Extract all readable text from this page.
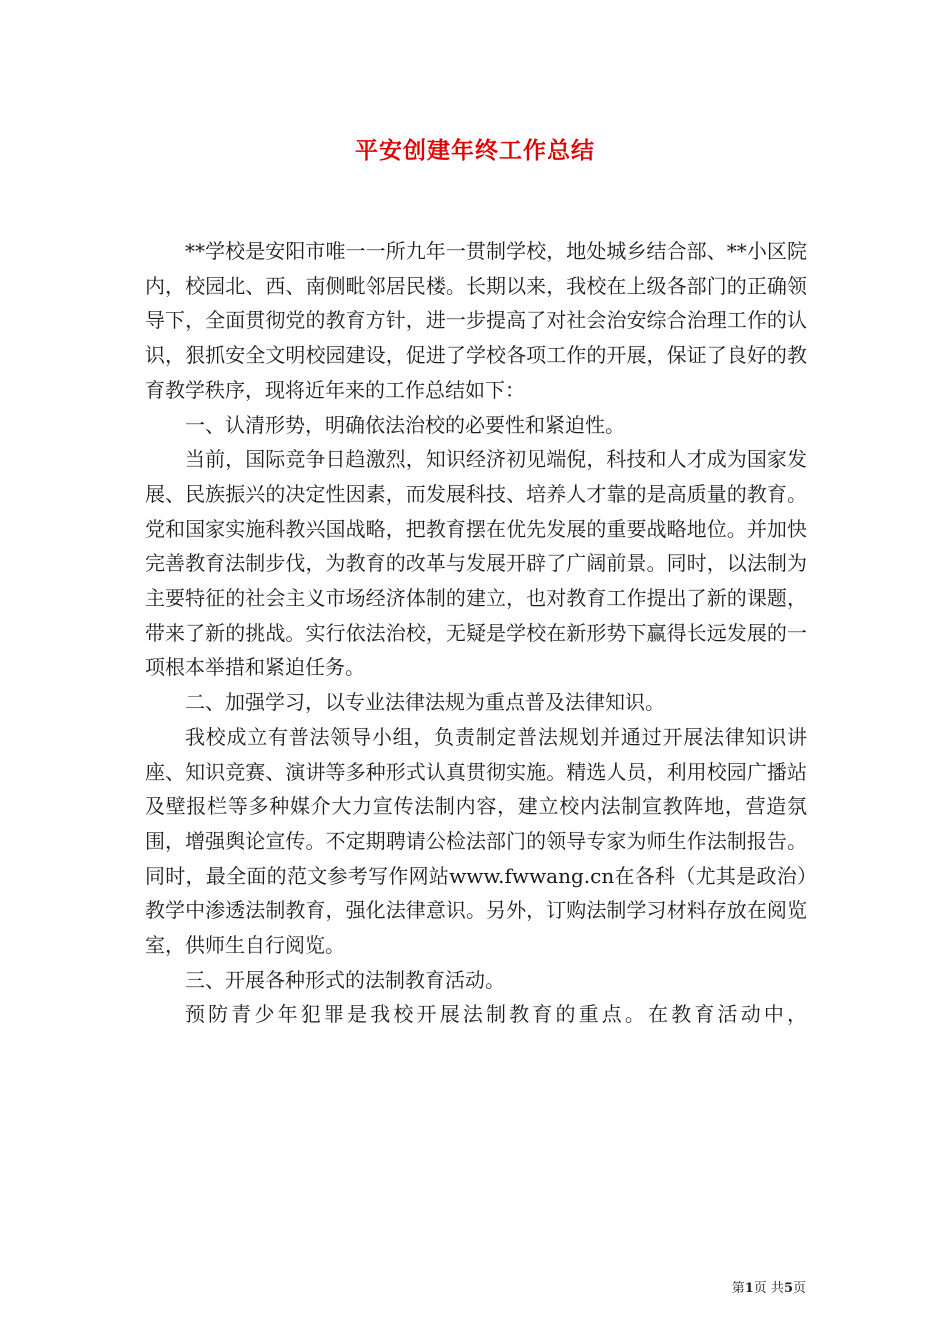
平安创建年终工作总结

**学校是安阳市唯一一所九年一贯制学校，地处城乡结合部、**小区院内，校园北、西、南侧毗邻居民楼。长期以来，我校在上级各部门的正确领导下，全面贯彻党的教育方针，进一步提高了对社会治安综合治理工作的认识，狠抓安全文明校园建设，促进了学校各项工作的开展，保证了良好的教育教学秩序，现将近年来的工作总结如下：

一、认清形势，明确依法治校的必要性和紧迫性。

当前，国际竞争日趋激烈，知识经济初见端倪，科技和人才成为国家发展、民族振兴的决定性因素，而发展科技、培养人才靠的是高质量的教育。党和国家实施科教兴国战略，把教育摆在优先发展的重要战略地位。并加快完善教育法制步伐，为教育的改革与发展开辟了广阔前景。同时，以法制为主要特征的社会主义市场经济体制的建立，也对教育工作提出了新的课题，带来了新的挑战。实行依法治校，无疑是学校在新形势下赢得长远发展的一项根本举措和紧迫任务。

二、加强学习，以专业法律法规为重点普及法律知识。

我校成立有普法领导小组，负责制定普法规划并通过开展法律知识讲座、知识竞赛、演讲等多种形式认真贯彻实施。精选人员，利用校园广播站及壁报栏等多种媒介大力宣传法制内容，建立校内法制宣教阵地，营造氛围，增强舆论宣传。不定期聘请公检法部门的领导专家为师生作法制报告。同时，最全面的范文参考写作网站www.fwwang.cn在各科（尤其是政治）教学中渗透法制教育，强化法律意识。另外，订购法制学习材料存放在阅览室，供师生自行阅览。

三、开展各种形式的法制教育活动。

预防青少年犯罪是我校开展法制教育的重点。在教育活动中，

第1页 共5页
